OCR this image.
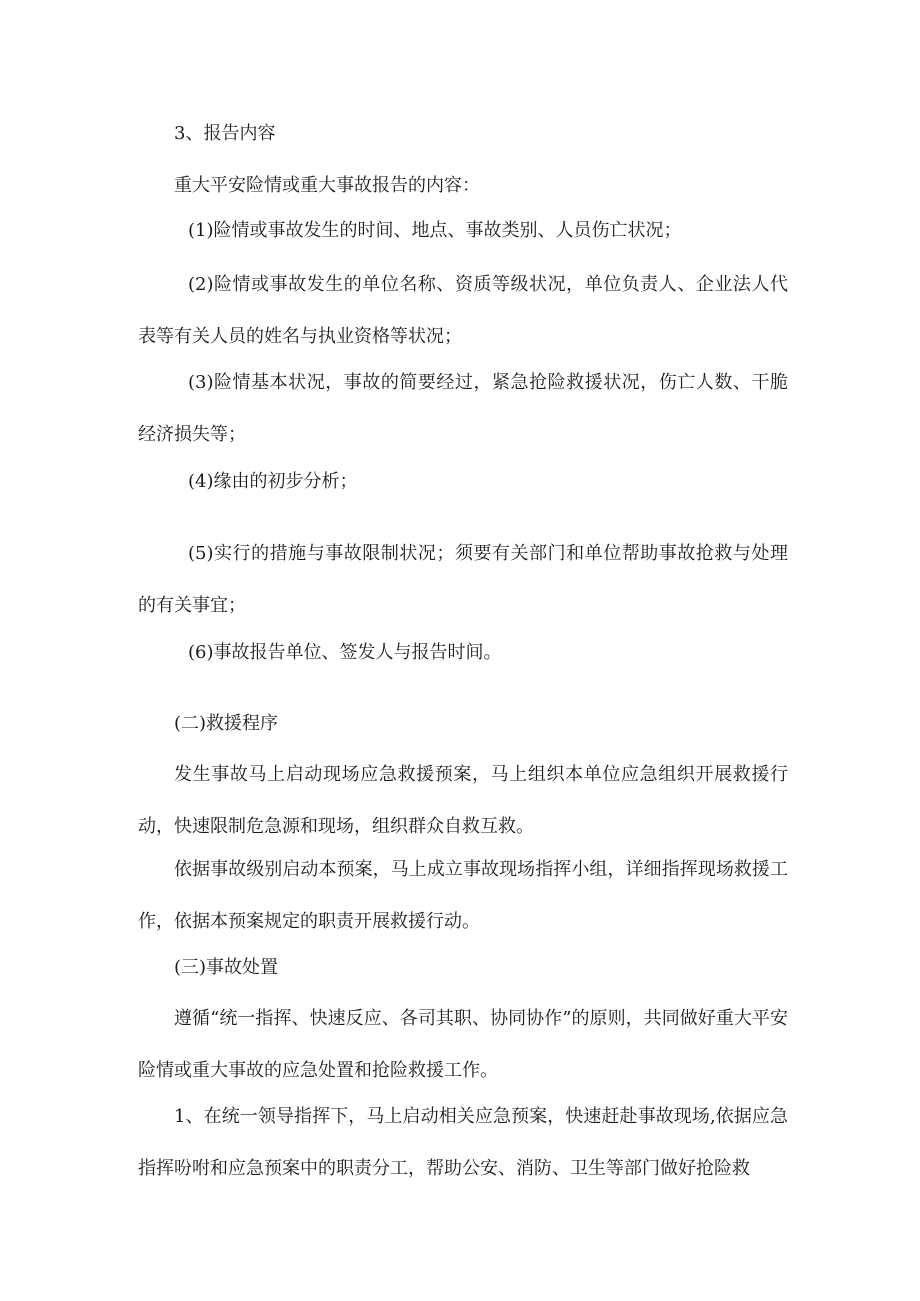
3、报告内容

重大平安险情或重大事故报告的内容：

(1)险情或事故发生的时间、地点、事故类别、人员伤亡状况；

(2)险情或事故发生的单位名称、资质等级状况，单位负责人、企业法人代表等有关人员的姓名与执业资格等状况；

(3)险情基本状况，事故的简要经过，紧急抢险救援状况，伤亡人数、干脆经济损失等；

(4)缘由的初步分析；

(5)实行的措施与事故限制状况；须要有关部门和单位帮助事故抢救与处理的有关事宜；

(6)事故报告单位、签发人与报告时间。

(二)救援程序

发生事故马上启动现场应急救援预案，马上组织本单位应急组织开展救援行动，快速限制危急源和现场，组织群众自救互救。

依据事故级别启动本预案，马上成立事故现场指挥小组，详细指挥现场救援工作，依据本预案规定的职责开展救援行动。

(三)事故处置

遵循“统一指挥、快速反应、各司其职、协同协作”的原则，共同做好重大平安险情或重大事故的应急处置和抢险救援工作。

1、在统一领导指挥下，马上启动相关应急预案，快速赶赴事故现场,依据应急指挥吩咐和应急预案中的职责分工，帮助公安、消防、卫生等部门做好抢险救
